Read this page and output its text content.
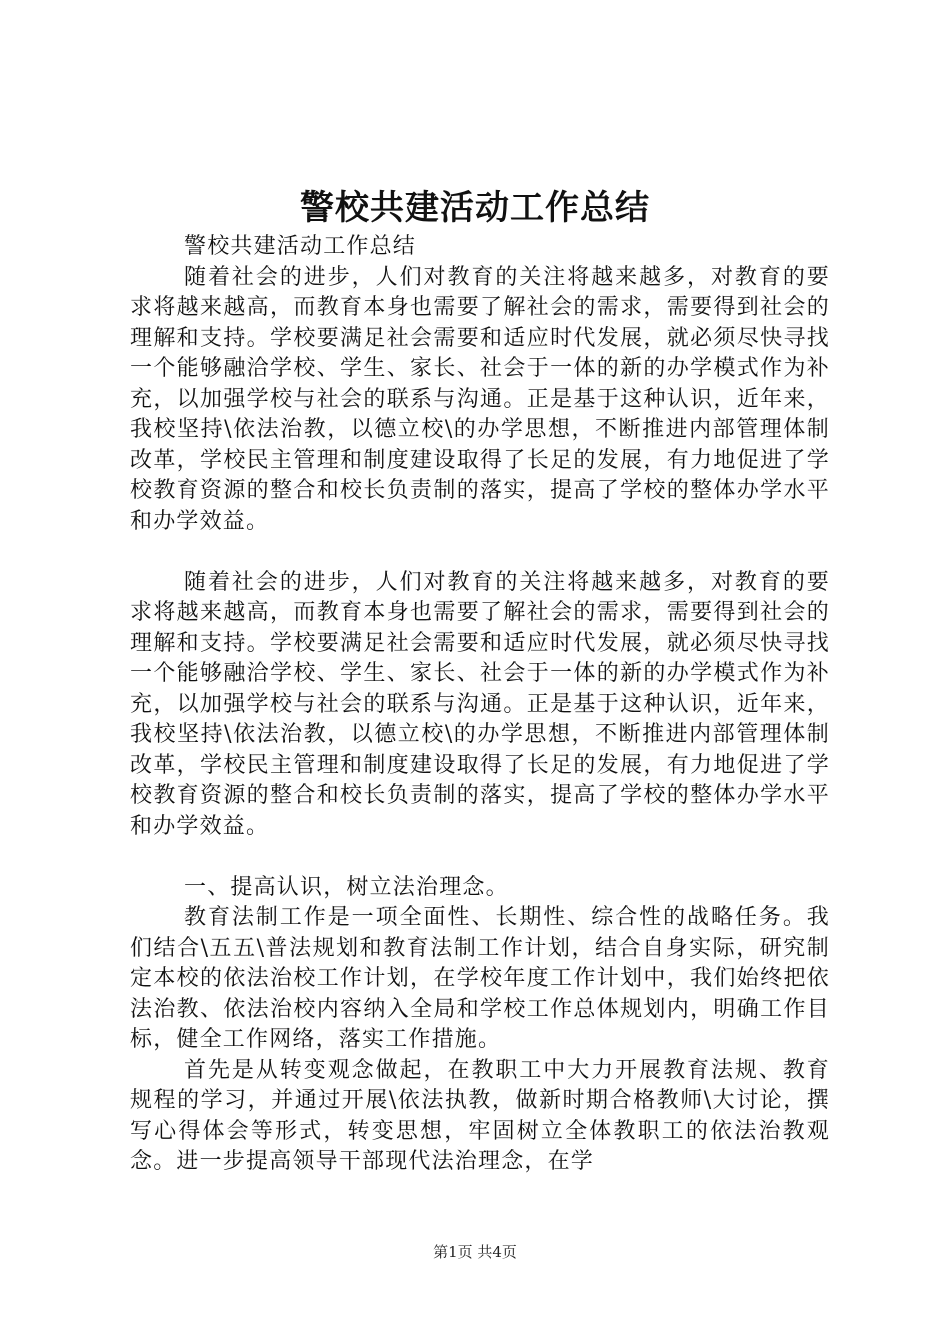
警校共建活动工作总结

警校共建活动工作总结

随着社会的进步，人们对教育的关注将越来越多，对教育的要求将越来越高，而教育本身也需要了解社会的需求，需要得到社会的理解和支持。学校要满足社会需要和适应时代发展，就必须尽快寻找一个能够融洽学校、学生、家长、社会于一体的新的办学模式作为补充，以加强学校与社会的联系与沟通。正是基于这种认识，近年来，我校坚持\依法治教，以德立校\的办学思想，不断推进内部管理体制改革，学校民主管理和制度建设取得了长足的发展，有力地促进了学校教育资源的整合和校长负责制的落实，提高了学校的整体办学水平和办学效益。

随着社会的进步，人们对教育的关注将越来越多，对教育的要求将越来越高，而教育本身也需要了解社会的需求，需要得到社会的理解和支持。学校要满足社会需要和适应时代发展，就必须尽快寻找一个能够融洽学校、学生、家长、社会于一体的新的办学模式作为补充，以加强学校与社会的联系与沟通。正是基于这种认识，近年来，我校坚持\依法治教，以德立校\的办学思想，不断推进内部管理体制改革，学校民主管理和制度建设取得了长足的发展，有力地促进了学校教育资源的整合和校长负责制的落实，提高了学校的整体办学水平和办学效益。

一、提高认识，树立法治理念。

教育法制工作是一项全面性、长期性、综合性的战略任务。我们结合\五五\普法规划和教育法制工作计划，结合自身实际，研究制定本校的依法治校工作计划，在学校年度工作计划中，我们始终把依法治教、依法治校内容纳入全局和学校工作总体规划内，明确工作目标，健全工作网络，落实工作措施。

首先是从转变观念做起，在教职工中大力开展教育法规、教育规程的学习，并通过开展\依法执教，做新时期合格教师\大讨论，撰写心得体会等形式，转变思想，牢固树立全体教职工的依法治教观念。进一步提高领导干部现代法治理念，在学

第1页 共4页
